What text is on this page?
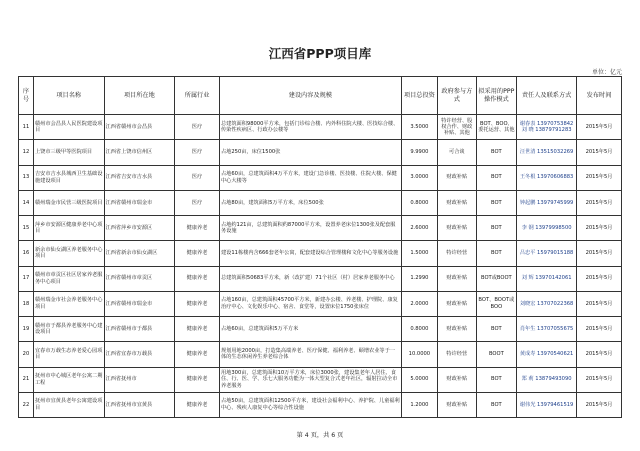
江西省PPP项目库
单位：亿元
序号	项目名称	项目所在地	所属行业	建设内容及规模	项目总投资	政府参与方式	拟采用的PPP操作模式	责任人及联系方式	发布时间
11	赣州市会昌县人民医院建设项目	江西省赣州市会昌县	医疗	总建筑面积98000平方米，包括门诊综合楼、内外科住院大楼、医技综合楼、传染性疾病区、行政办公楼等	3.5000	特许经营、股权合作、财政补贴、其他	BOT、BOO、委托运营、其他	谢春表 13970753842 刘 晓 13879791283	2015年5月
12	上饶市三级甲等医院项目	江西省上饶市信州区	医疗	占地250亩，床位1500张	9.9900	可合谈	BOT	汪世清 13515032269	2015年5月
13	吉安市吉水县城西卫生基础设施建设项目	江西省吉安市吉水县	医疗	占地60亩，总建筑面积4万平方米，建设门急诊楼、医技楼、住院大楼、保健中心大楼等	3.0000	财政补贴	BOT	王冬根 13970606883	2015年5月
14	赣州瑞金市民营三级医院项目	江西省赣州市瑞金市	医疗	占地80亩，建筑面积5万平方米，床位500张	0.8000	财政补贴	BOT	钟起鹏 13979745999	2015年5月
15	萍乡市安源区健康养老中心项目	江西省萍乡市安源区	健康养老	占地约121亩，总建筑面积约87000平方米，设置养老床位1300张及配套服务设施	2.6000	财政补贴	BOT	李 钢 13979998500	2015年5月
16	新余市仙女湖区养老服务中心项目	江西省新余市仙女湖区	健康养老	建设11栋楼内含666套老年公寓，配套建设综合管理楼和文化中心等服务设施	1.5000	特许经营	BOT	吕忠平 15979015188	2015年5月
17	赣州市章贡区社区居家养老服务中心项目	江西省赣州市章贡区	健康养老	总建筑面积50683平方米，新（改扩建）71个社区（村）居家养老服务中心	1.2990	财政补贴	BOT或BOOT	刘 辉 13970142061	2015年5月
18	赣州瑞金市社会养老服务中心项目	江西省赣州市瑞金市	健康养老	占地160亩，总建筑面积45700平方米，新建办公楼、养老楼、护理院、康复治疗中心、文化娱乐中心、宿舍、食堂等，设置床位1750张床位	2.0000	财政补贴	BOT、BOOT或BOO	刘晓宏 13707022368	2015年5月
19	赣州市于都县养老服务中心建设项目	江西省赣州市于都县	健康养老	占地60亩，总建筑面积5万平方米	0.8000	财政补贴	BOT	肖年生 13707055675	2015年5月
20	宜春市万载生态养老爱心园项目	江西省宜春市万载县	健康养老	规划用地2000亩，打造集高端养老、医疗保健、福利养老、颐增农业等于一体的生态休闲养生养老综合体	10.0000	特许经营	BOOT	黄成寿 13970540621	2015年5月
21	抚州市中心城区老年公寓二期工程	江西省抚州市	健康养老	用地300亩，总建筑面积10万平方米，床位3000张，建设集老年人居住、食住、行、医、学、乐七大服务功能为一体大型复合式老年社区，辐射拉动全市养老服务	5.0000	财政补贴	BOT	郑 莉 13879493090	2015年5月
22	抚州市宜黄县老年公寓建设项目	江西省抚州市宜黄县	健康养老	占地50亩，总建筑面积12500平方米，建设社会福利中心、养护院、儿童福利中心、残疾人康复中心等综合性设施	1.2000	财政补贴	BOT	谢伟光 13979461519	2015年5月
第 4 页，共 6 页
